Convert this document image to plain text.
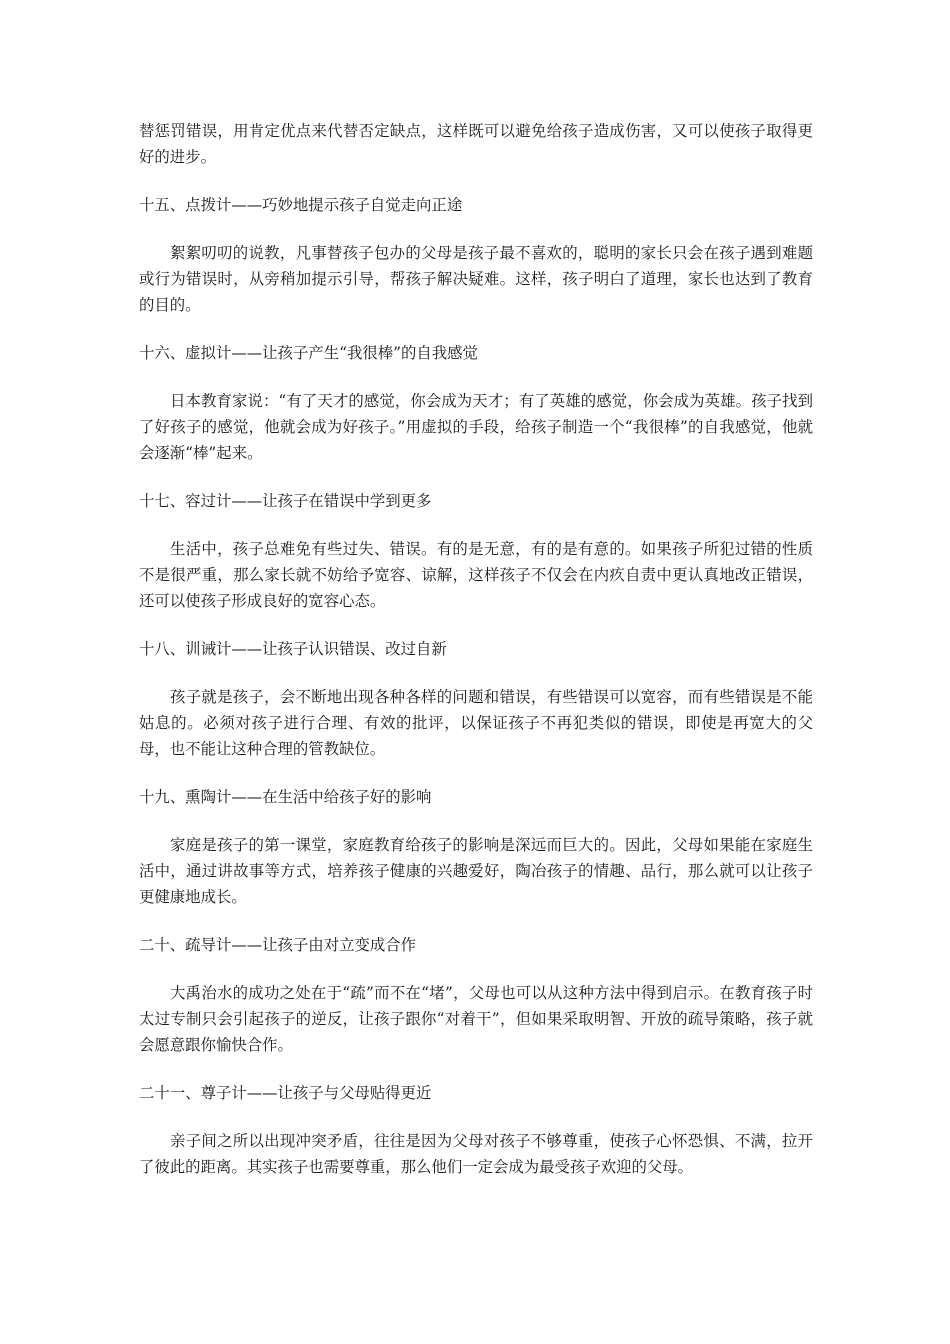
替惩罚错误，用肯定优点来代替否定缺点，这样既可以避免给孩子造成伤害，又可以使孩子取得更好的进步。

十五、点拨计——巧妙地提示孩子自觉走向正途

絮絮叨叨的说教，凡事替孩子包办的父母是孩子最不喜欢的，聪明的家长只会在孩子遇到难题或行为错误时，从旁稍加提示引导，帮孩子解决疑难。这样，孩子明白了道理，家长也达到了教育的目的。

十六、虚拟计——让孩子产生“我很棒”的自我感觉

日本教育家说：“有了天才的感觉，你会成为天才；有了英雄的感觉，你会成为英雄。孩子找到了好孩子的感觉，他就会成为好孩子。”用虚拟的手段，给孩子制造一个“我很棒”的自我感觉，他就会逐渐“棒”起来。

十七、容过计——让孩子在错误中学到更多

生活中，孩子总难免有些过失、错误。有的是无意，有的是有意的。如果孩子所犯过错的性质不是很严重，那么家长就不妨给予宽容、谅解，这样孩子不仅会在内疚自责中更认真地改正错误，还可以使孩子形成良好的宽容心态。

十八、训诫计——让孩子认识错误、改过自新

孩子就是孩子，会不断地出现各种各样的问题和错误，有些错误可以宽容，而有些错误是不能姑息的。必须对孩子进行合理、有效的批评，以保证孩子不再犯类似的错误，即使是再宽大的父母，也不能让这种合理的管教缺位。

十九、熏陶计——在生活中给孩子好的影响

家庭是孩子的第一课堂，家庭教育给孩子的影响是深远而巨大的。因此，父母如果能在家庭生活中，通过讲故事等方式，培养孩子健康的兴趣爱好，陶冶孩子的情趣、品行，那么就可以让孩子更健康地成长。

二十、疏导计——让孩子由对立变成合作

大禹治水的成功之处在于“疏”而不在“堵”，父母也可以从这种方法中得到启示。在教育孩子时太过专制只会引起孩子的逆反，让孩子跟你“对着干”，但如果采取明智、开放的疏导策略，孩子就会愿意跟你愉快合作。

二十一、尊子计——让孩子与父母贴得更近

亲子间之所以出现冲突矛盾，往往是因为父母对孩子不够尊重，使孩子心怀恐惧、不满，拉开了彼此的距离。其实孩子也需要尊重，那么他们一定会成为最受孩子欢迎的父母。
